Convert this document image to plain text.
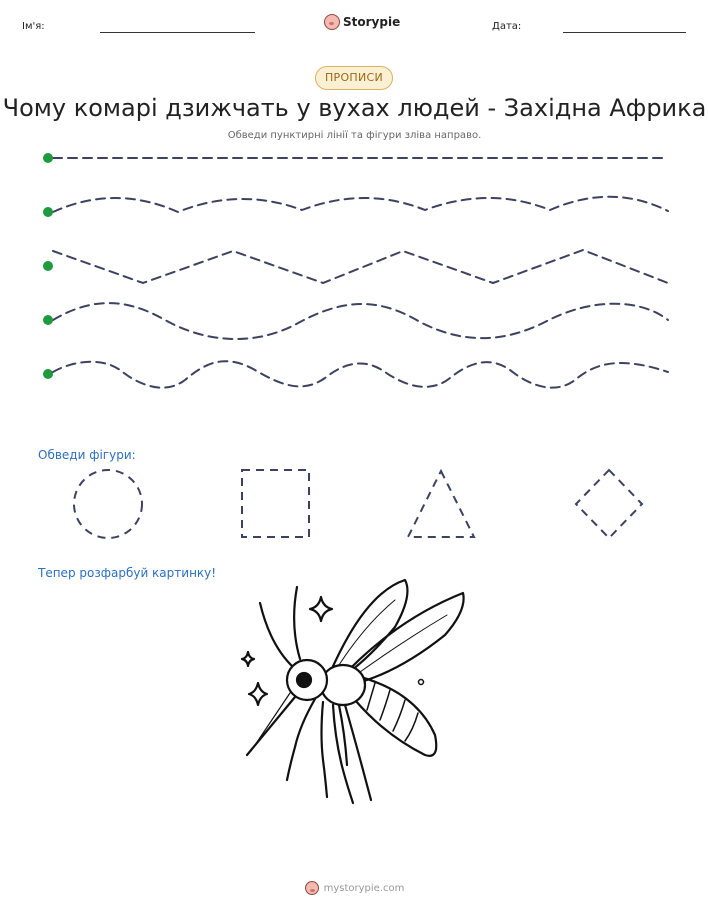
Ім'я:	Storypie	Дата:
ПРОПИСИ
Чому комарі дзижчать у вухах людей - Західна Африка
Обведи пунктирні лінії та фігури зліва направо.
Обведи фігури:
Тепер розфарбуй картинку!
mystorypie.com
